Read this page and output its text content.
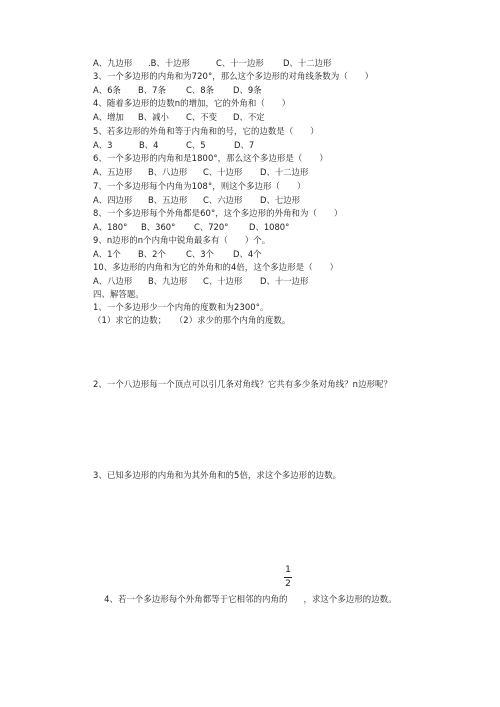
A、九边形 .B、十边形	C、十一边形 D、十二边形
3、一个多边形的内角和为720°，那么这个多边形的对角线条数为（　　）
A、6条 B、7条 C、8条 D、9条
4、随着多边形的边数n的增加，它的外角和（　　）
A、增加 B、减小 C、不变 D、不定
5、若多边形的外角和等于内角和的号，它的边数是（　　）
A、3	B、4	C、5	D、7
6、一个多边形的内角和是1800°，那么这个多边形是（　　）
A、五边形 B、八边形 C、十边形 D、十二边形
7、一个多边形每个内角为108°，则这个多边形（　　）
A、四边形 B、五边形 C、六边形 D、七边形
8、一个多边形每个外角都是60°，这个多边形的外角和为（　　）
A、180° B、360° C、720° D、1080°
9、n边形的n个内角中锐角最多有（　　）个。
A、1个 B、2个 C、3个 D、4个
10、多边形的内角和为它的外角和的4倍，这个多边形是（　　）
A、八边形 B、九边形 C、十边形 D、十一边形
四、解答题。
1、一个多边形少一个内角的度数和为2300°。
（1）求它的边数；　　（2）求少的那个内角的度数。
2、一个八边形每一个顶点可以引几条对角线？它共有多少条对角线？n边形呢？
3、已知多边形的内角和为其外角和的5倍，求这个多边形的边数。

4、若一个多边形每个外角都等于它相邻的内角的 ，求这个多边形的边数。

1
2
